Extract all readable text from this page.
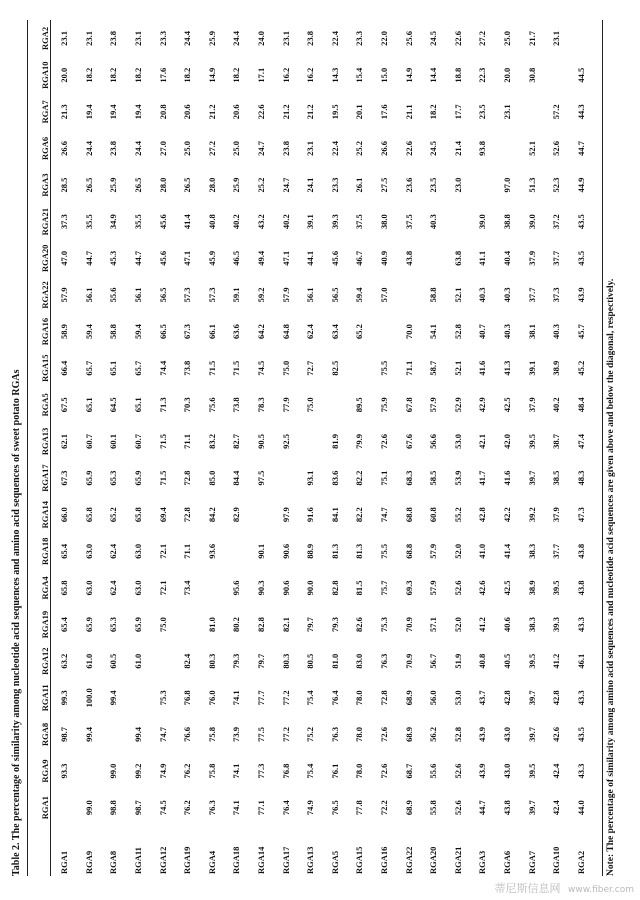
Table 2. The percentage of similarity among nucleotide acid sequences and amino acid sequences of sweet potato RGAs
	RGA1	RGA9	RGA8	RGA11	RGA12	RGA19	RGA4	RGA18	RGA14	RGA17	RGA13	RGA5	RGA15	RGA16	RGA22	RGA20	RGA21	RGA3	RGA6	RGA7	RGA10	RGA2
RGA1		93.3	98.7	99.3	63.2	65.4	65.8	65.4	66.0	67.3	62.1	67.5	66.4	58.9	57.9	47.0	37.3	28.5	26.6	21.3	20.0	23.1
RGA9	99.0		99.4	100.0	61.0	65.9	63.0	63.0	65.8	65.9	60.7	65.1	65.7	59.4	56.1	44.7	35.5	26.5	24.4	19.4	18.2	23.1
RGA8	98.8	99.0		99.4	60.5	65.3	62.4	62.4	65.2	65.3	60.1	64.5	65.1	58.8	55.6	45.3	34.9	25.9	23.8	19.4	18.2	23.8
RGA11	98.7	99.2	99.4		61.0	65.9	63.0	63.0	65.8	65.9	60.7	65.1	65.7	59.4	56.1	44.7	35.5	26.5	24.4	19.4	18.2	23.1
RGA12	74.5	74.9	74.7	75.3		75.0	72.1	72.1	69.4	71.5	71.5	71.3	74.4	66.5	56.5	45.6	45.6	28.0	27.0	20.8	17.6	23.3
RGA19	76.2	76.2	76.6	76.8	82.4		73.4	71.1	72.8	72.8	71.1	70.3	73.8	67.3	57.3	47.1	41.4	26.5	25.0	20.6	18.2	24.4
RGA4	76.3	75.8	75.8	76.0	80.3	81.0		93.6	84.2	85.0	83.2	75.6	71.5	66.1	57.3	45.9	40.8	28.0	27.2	21.2	14.9	25.9
RGA18	74.1	74.1	73.9	74.1	79.3	80.2	95.6		82.9	84.4	82.7	73.8	71.5	63.6	59.1	46.5	40.2	25.9	25.0	20.6	18.2	24.4
RGA14	77.1	77.3	77.5	77.7	79.7	82.8	90.3	90.1		97.5	90.5	78.3	74.5	64.2	59.2	49.4	43.2	25.2	24.7	22.6	17.1	24.0
RGA17	76.4	76.8	77.2	77.2	80.3	82.1	90.6	90.6	97.9		92.5	77.9	75.0	64.8	57.9	47.1	40.2	24.7	23.8	21.2	16.2	23.1
RGA13	74.9	75.4	75.2	75.4	80.5	79.7	90.0	88.9	91.6	93.1		75.0	72.7	62.4	56.1	44.1	39.1	24.1	23.1	21.2	16.2	23.8
RGA5	76.5	76.1	76.3	76.4	81.0	79.3	82.8	81.3	84.1	83.6	81.9		82.5	63.4	56.5	45.6	39.3	23.3	22.4	19.5	14.3	22.4
RGA15	77.8	78.0	78.0	78.0	83.0	82.6	81.5	81.3	82.2	82.2	79.9	89.5		65.2	59.4	46.7	37.5	26.1	25.2	20.1	15.4	23.3
RGA16	72.2	72.6	72.6	72.8	76.3	75.3	75.7	75.5	74.7	75.1	72.6	75.9	75.5		57.0	40.9	38.0	27.5	26.6	17.6	15.0	22.0
RGA22	68.9	68.7	68.9	68.9	70.9	70.9	69.3	68.8	68.8	68.3	67.6	67.8	71.1	70.0		43.8	37.5	23.6	22.6	21.1	14.9	25.6
RGA20	55.8	55.6	56.2	56.0	56.7	57.1	57.9	57.9	60.8	58.5	56.6	57.9	58.7	54.1	58.8		40.3	23.5	24.5	18.2	14.4	24.5
RGA21	52.6	52.6	52.8	53.0	51.9	52.0	52.6	52.0	55.2	53.9	53.0	52.9	52.1	52.8	52.1	63.8		23.0	21.4	17.7	18.8	22.6
RGA3	44.7	43.9	43.9	43.7	40.8	41.2	42.6	41.0	42.8	41.7	42.1	42.9	41.6	40.7	40.3	41.1	39.0		93.8	23.5	22.3	27.2
RGA6	43.8	43.0	43.0	42.8	40.5	40.6	42.5	41.4	42.2	41.6	42.0	42.5	41.3	40.3	40.3	40.4	38.8	97.0		23.1	20.0	25.0
RGA7	39.7	39.5	39.7	39.7	39.5	38.3	38.9	38.3	39.2	39.7	39.5	37.9	39.1	38.1	37.7	37.9	39.0	51.3	52.1		30.8	21.7
RGA10	42.4	42.4	42.6	42.8	41.2	39.3	39.5	37.7	37.9	38.5	38.7	40.2	38.9	40.3	37.3	37.7	37.2	52.3	52.6	57.2		23.1
RGA2	44.0	43.3	43.5	43.3	46.1	43.3	43.8	43.8	47.3	48.3	47.4	48.4	45.2	45.7	43.9	43.5	43.5	44.9	44.7	44.3	44.5	
Note: The percentage of similarity among amino acid sequences and nucleotide acid sequences are given above and below the diagonal, respectively.
蒂尼斯信息网 www.fiber.com
